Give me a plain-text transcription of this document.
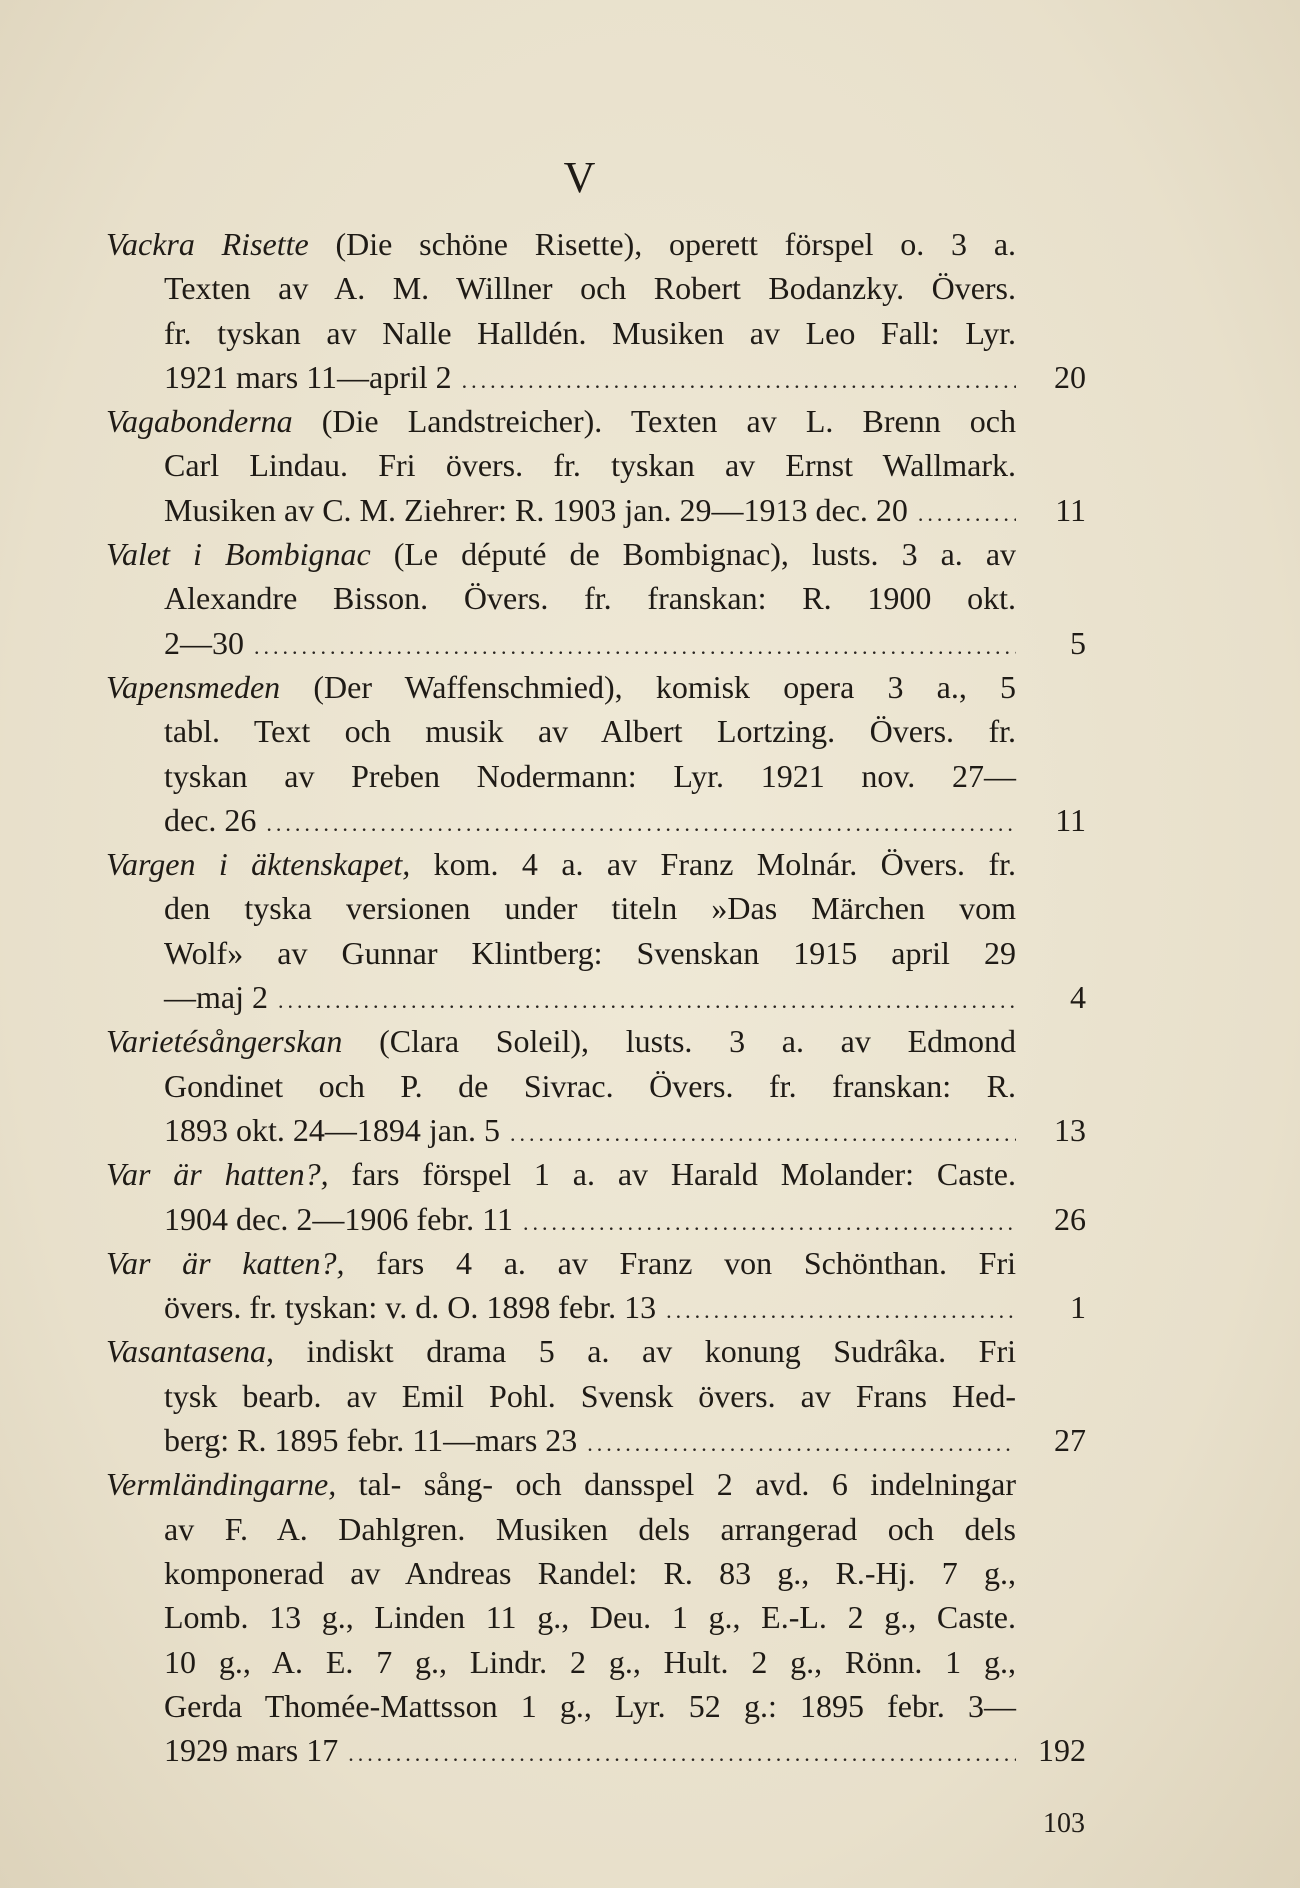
V
Vackra Risette (Die schöne Risette), operett förspel o. 3 a.
Texten av A. M. Willner och Robert Bodanzky. Övers.
fr. tyskan av Nalle Halldén. Musiken av Leo Fall: Lyr.
1921 mars 11—april 2 .....	20
Vagabonderna (Die Landstreicher). Texten av L. Brenn och
Carl Lindau. Fri övers. fr. tyskan av Ernst Wallmark.
Musiken av C. M. Ziehrer: R. 1903 jan. 29—1913 dec. 20 .....	11
Valet i Bombignac (Le député de Bombignac), lusts. 3 a. av
Alexandre Bisson. Övers. fr. franskan: R. 1900 okt.
2—30 .....	5
Vapensmeden (Der Waffenschmied), komisk opera 3 a., 5
tabl. Text och musik av Albert Lortzing. Övers. fr.
tyskan av Preben Nodermann: Lyr. 1921 nov. 27—
dec. 26 .....	11
Vargen i äktenskapet, kom. 4 a. av Franz Molnár. Övers. fr.
den tyska versionen under titeln »Das Märchen vom
Wolf» av Gunnar Klintberg: Svenskan 1915 april 29
—maj 2 .....	4
Varietésångerskan (Clara Soleil), lusts. 3 a. av Edmond
Gondinet och P. de Sivrac. Övers. fr. franskan: R.
1893 okt. 24—1894 jan. 5 .....	13
Var är hatten?, fars förspel 1 a. av Harald Molander: Caste.
1904 dec. 2—1906 febr. 11 .....	26
Var är katten?, fars 4 a. av Franz von Schönthan. Fri
övers. fr. tyskan: v. d. O. 1898 febr. 13 .....	1
Vasantasena, indiskt drama 5 a. av konung Sudrâka. Fri
tysk bearb. av Emil Pohl. Svensk övers. av Frans Hed-
berg: R. 1895 febr. 11—mars 23 .....	27
Vermländingarne, tal- sång- och dansspel 2 avd. 6 indelningar
av F. A. Dahlgren. Musiken dels arrangerad och dels
komponerad av Andreas Randel: R. 83 g., R.-Hj. 7 g.,
Lomb. 13 g., Linden 11 g., Deu. 1 g., E.-L. 2 g., Caste.
10 g., A. E. 7 g., Lindr. 2 g., Hult. 2 g., Rönn. 1 g.,
Gerda Thomée-Mattsson 1 g., Lyr. 52 g.: 1895 febr. 3—
1929 mars 17 .....	192
103
